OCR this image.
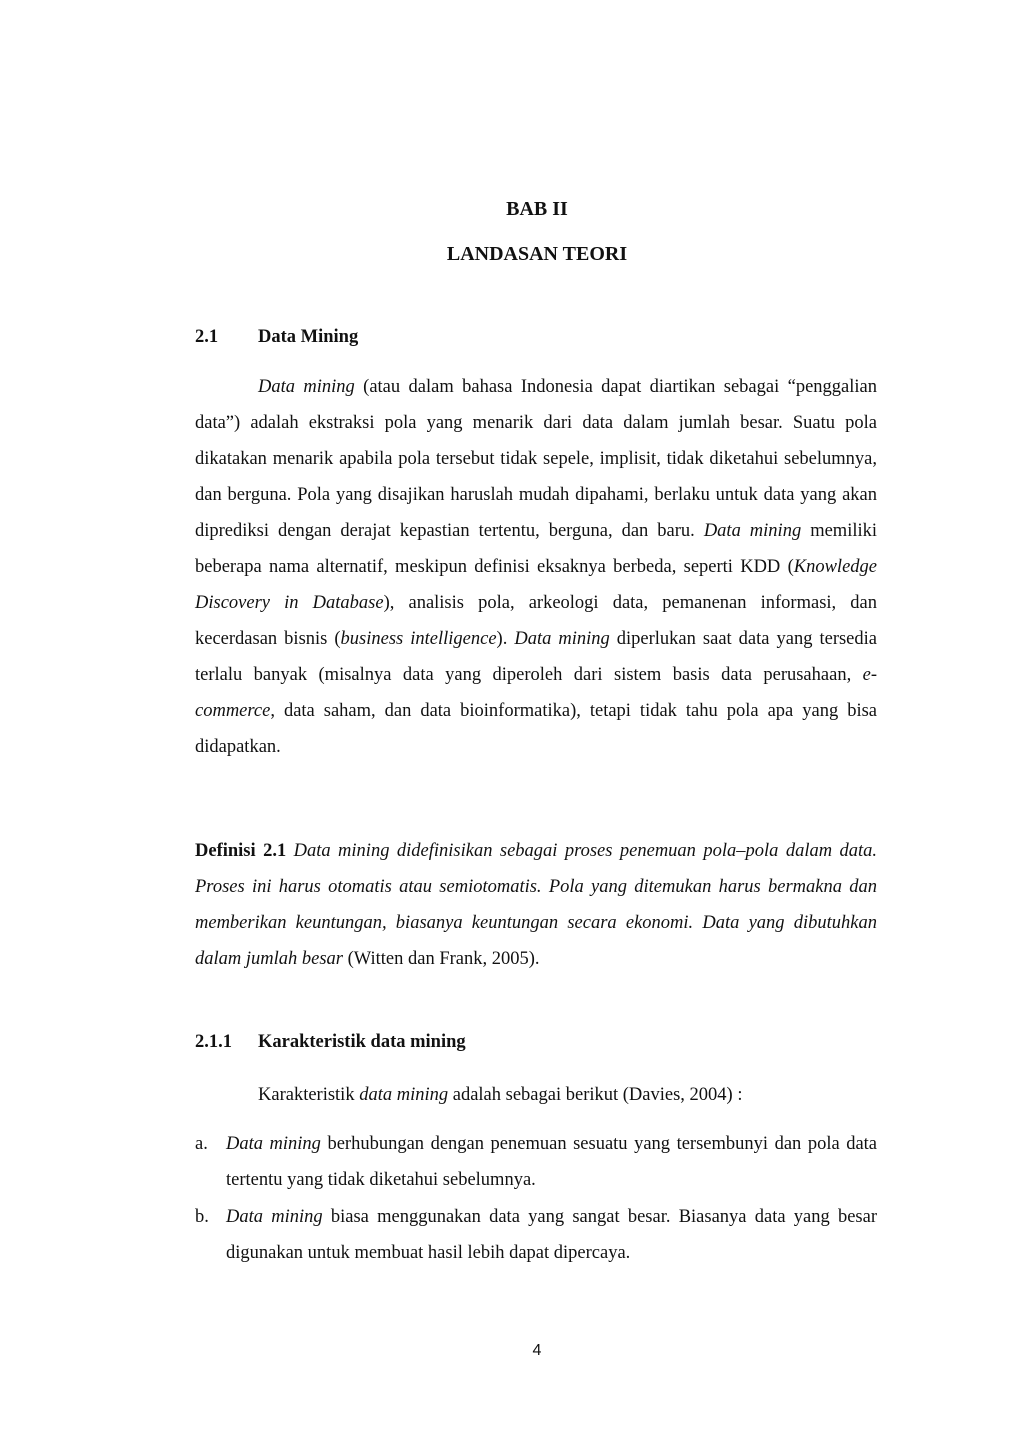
BAB II
LANDASAN TEORI
2.1 Data Mining

Data mining (atau dalam bahasa Indonesia dapat diartikan sebagai “penggalian data”) adalah ekstraksi pola yang menarik dari data dalam jumlah besar. Suatu pola dikatakan menarik apabila pola tersebut tidak sepele, implisit, tidak diketahui sebelumnya, dan berguna. Pola yang disajikan haruslah mudah dipahami, berlaku untuk data yang akan diprediksi dengan derajat kepastian tertentu, berguna, dan baru. Data mining memiliki beberapa nama alternatif, meskipun definisi eksaknya berbeda, seperti KDD (Knowledge Discovery in Database), analisis pola, arkeologi data, pemanenan informasi, dan kecerdasan bisnis (business intelligence). Data mining diperlukan saat data yang tersedia terlalu banyak (misalnya data yang diperoleh dari sistem basis data perusahaan, e-commerce, data saham, dan data bioinformatika), tetapi tidak tahu pola apa yang bisa didapatkan.

Definisi 2.1 Data mining didefinisikan sebagai proses penemuan pola–pola dalam data. Proses ini harus otomatis atau semiotomatis. Pola yang ditemukan harus bermakna dan memberikan keuntungan, biasanya keuntungan secara ekonomi. Data yang dibutuhkan dalam jumlah besar (Witten dan Frank, 2005).

2.1.1 Karakteristik data mining

Karakteristik data mining adalah sebagai berikut (Davies, 2004) :

a. Data mining berhubungan dengan penemuan sesuatu yang tersembunyi dan pola data tertentu yang tidak diketahui sebelumnya.
b. Data mining biasa menggunakan data yang sangat besar. Biasanya data yang besar digunakan untuk membuat hasil lebih dapat dipercaya.

4
